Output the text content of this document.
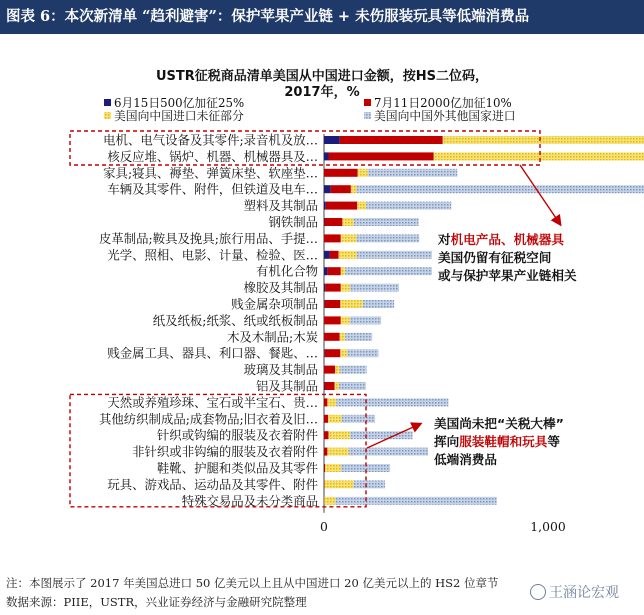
图表 6：本次新清单 “趋利避害”：保护苹果产业链 + 未伤服装玩具等低端消费品
USTR征税商品清单美国从中国进口金额，按HS二位码，
2017年，%
6月15日500亿加征25%	7月11日2000亿加征10%
美国向中国进口未征部分	美国向中国外其他国家进口
电机、电气设备及其零件;录音机及放…
核反应堆、锅炉、机器、机械器具及…
家具;寝具、褥垫、弹簧床垫、软座垫…
车辆及其零件、附件，但铁道及电车…
塑料及其制品
钢铁制品
皮革制品;鞍具及挽具;旅行用品、手提…
光学、照相、电影、计量、检验、医…
有机化合物
橡胶及其制品
贱金属杂项制品
纸及纸板;纸浆、纸或纸板制品
木及木制品;木炭
贱金属工具、器具、利口器、餐匙、…
玻璃及其制品
铝及其制品
天然或养殖珍珠、宝石或半宝石、贵…
其他纺织制成品;成套物品;旧衣着及旧…
针织或钩编的服装及衣着附件
非针织或非钩编的服装及衣着附件
鞋靴、护腿和类似品及其零件
玩具、游戏品、运动品及其零件、附件
特殊交易品及未分类商品
0	1,000
对机电产品、机械器具
美国仍留有征税空间
或与保护苹果产业链相关
美国尚未把“关税大棒”
挥向服装鞋帽和玩具等
低端消费品
注：本图展示了 2017 年美国总进口 50 亿美元以上且从中国进口 20 亿美元以上的 HS2 位章节
数据来源：PIIE，USTR，兴业证券经济与金融研究院整理
王涵论宏观
